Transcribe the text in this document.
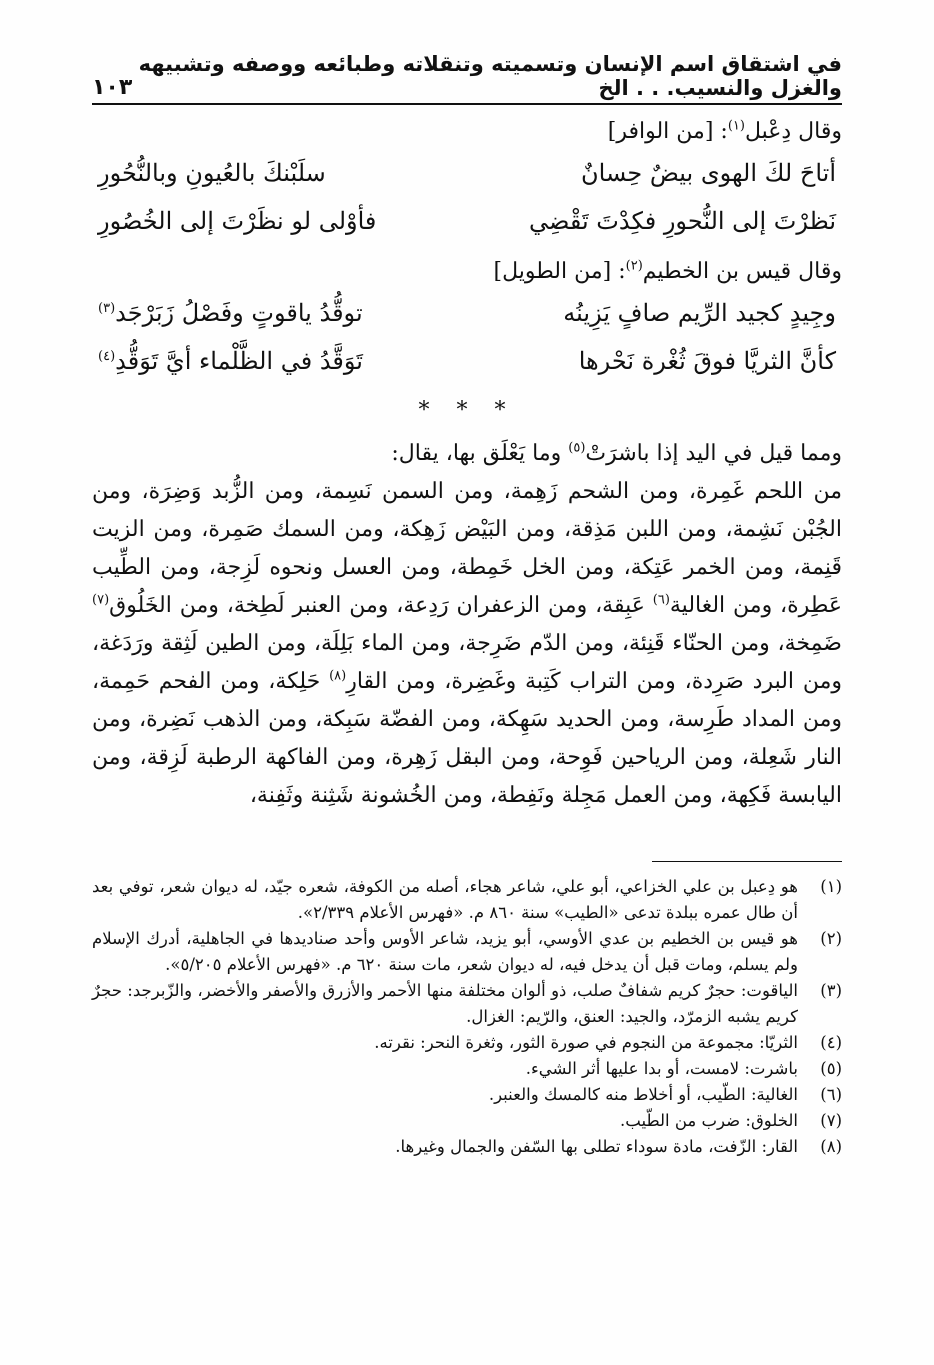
في اشتقاق اسم الإنسان وتسميته وتنقلاته وطبائعه ووصفه وتشبيهه والغزل والنسيب. . . الخ
١٠٣
وقال دِعْبل$^{(١)}$: [من الوافر]
أتاحَ لكَ الهوى بيضٌ حِسانٌ
سلَبْنكَ بالعُيونِ وبالنُّحُورِ
نَظرْتَ إلى النُّحورِ فكِدْتَ تَقْضِي
فأوْلى لو نظَرْتَ إلى الخُصُورِ
وقال قيس بن الخطيم$^{(٢)}$: [من الطويل]
وجِيدٍ كجيد الرِّيم صافٍ يَزِينُه
توقُّدُ ياقوتٍ وفَصْلُ زَبَرْجَد$^{(٣)}$
كأنَّ الثريَّا فوقَ ثُغْرة نَحْرها
تَوَقَّدُ في الظَّلْماء أيَّ تَوَقُّدِ$^{(٤)}$
* * *

ومما قيل في اليد إذا باشرَتْ$^{(٥)}$ وما يَعْلَق بها، يقال:

من اللحم غَمِرة، ومن الشحم زَهِمة، ومن السمن نَسِمة، ومن الزُّبد وَضِرَة، ومن الجُبْن نَشِمة، ومن اللبن مَذِقة، ومن البَيْض زَهِكة، ومن السمك صَمِرة، ومن الزيت قَنِمة، ومن الخمر عَتِكة، ومن الخل خَمِطة، ومن العسل ونحوه لَزِجة، ومن الطِّيب عَطِرة، ومن الغالية$^{(٦)}$ عَبِقة، ومن الزعفران رَدِعة، ومن العنبر لَطِخة، ومن الخَلُوق$^{(٧)}$ ضَمِخة، ومن الحنّاء قَنِئة، ومن الدّم ضَرِجة، ومن الماء بَلِلَة، ومن الطين لَثِقة ورَدَغة، ومن البرد صَرِدة، ومن التراب كَتِبة وغَضِرة، ومن القارِ$^{(٨)}$ حَلِكة، ومن الفحم حَمِمة، ومن المداد طَرِسة، ومن الحديد سَهِكة، ومن الفضّة سَبِكة، ومن الذهب نَضِرة، ومن النار شَعِلة، ومن الرياحين فَوِحة، ومن البقل زَهِرة، ومن الفاكهة الرطبة لَزِقة، ومن اليابسة فَكِهة، ومن العمل مَجِلة ونَفِطة، ومن الخُشونة شَثِنة وثَفِنة،

(١)
هو دِعبل بن علي الخزاعي، أبو علي، شاعر هجاء، أصله من الكوفة، شعره جيّد، له ديوان شعر، توفي بعد أن طال عمره ببلدة تدعى «الطيب» سنة ٨٦٠ م. «فهرس الأعلام ٢/٣٣٩».
(٢)
هو قيس بن الخطيم بن عدي الأوسي، أبو يزيد، شاعر الأوس وأحد صناديدها في الجاهلية، أدرك الإسلام ولم يسلم، ومات قبل أن يدخل فيه، له ديوان شعر، مات سنة ٦٢٠ م. «فهرس الأعلام ٥/٢٠٥».
(٣)
الياقوت: حجرٌ كريم شفافٌ صلب، ذو ألوان مختلفة منها الأحمر والأزرق والأصفر والأخضر، والزّبرجد: حجرٌ كريم يشبه الزمرّد، والجيد: العنق، والرّيم: الغزال.
(٤)
الثريّا: مجموعة من النجوم في صورة الثور، وثغرة النحر: نقرته.
(٥)
باشرت: لامست، أو بدا عليها أثر الشيء.
(٦)
الغالية: الطّيب، أو أخلاط منه كالمسك والعنبر.
(٧)
الخلوق: ضرب من الطّيب.
(٨)
القار: الزّفت، مادة سوداء تطلى بها السّفن والجمال وغيرها.
